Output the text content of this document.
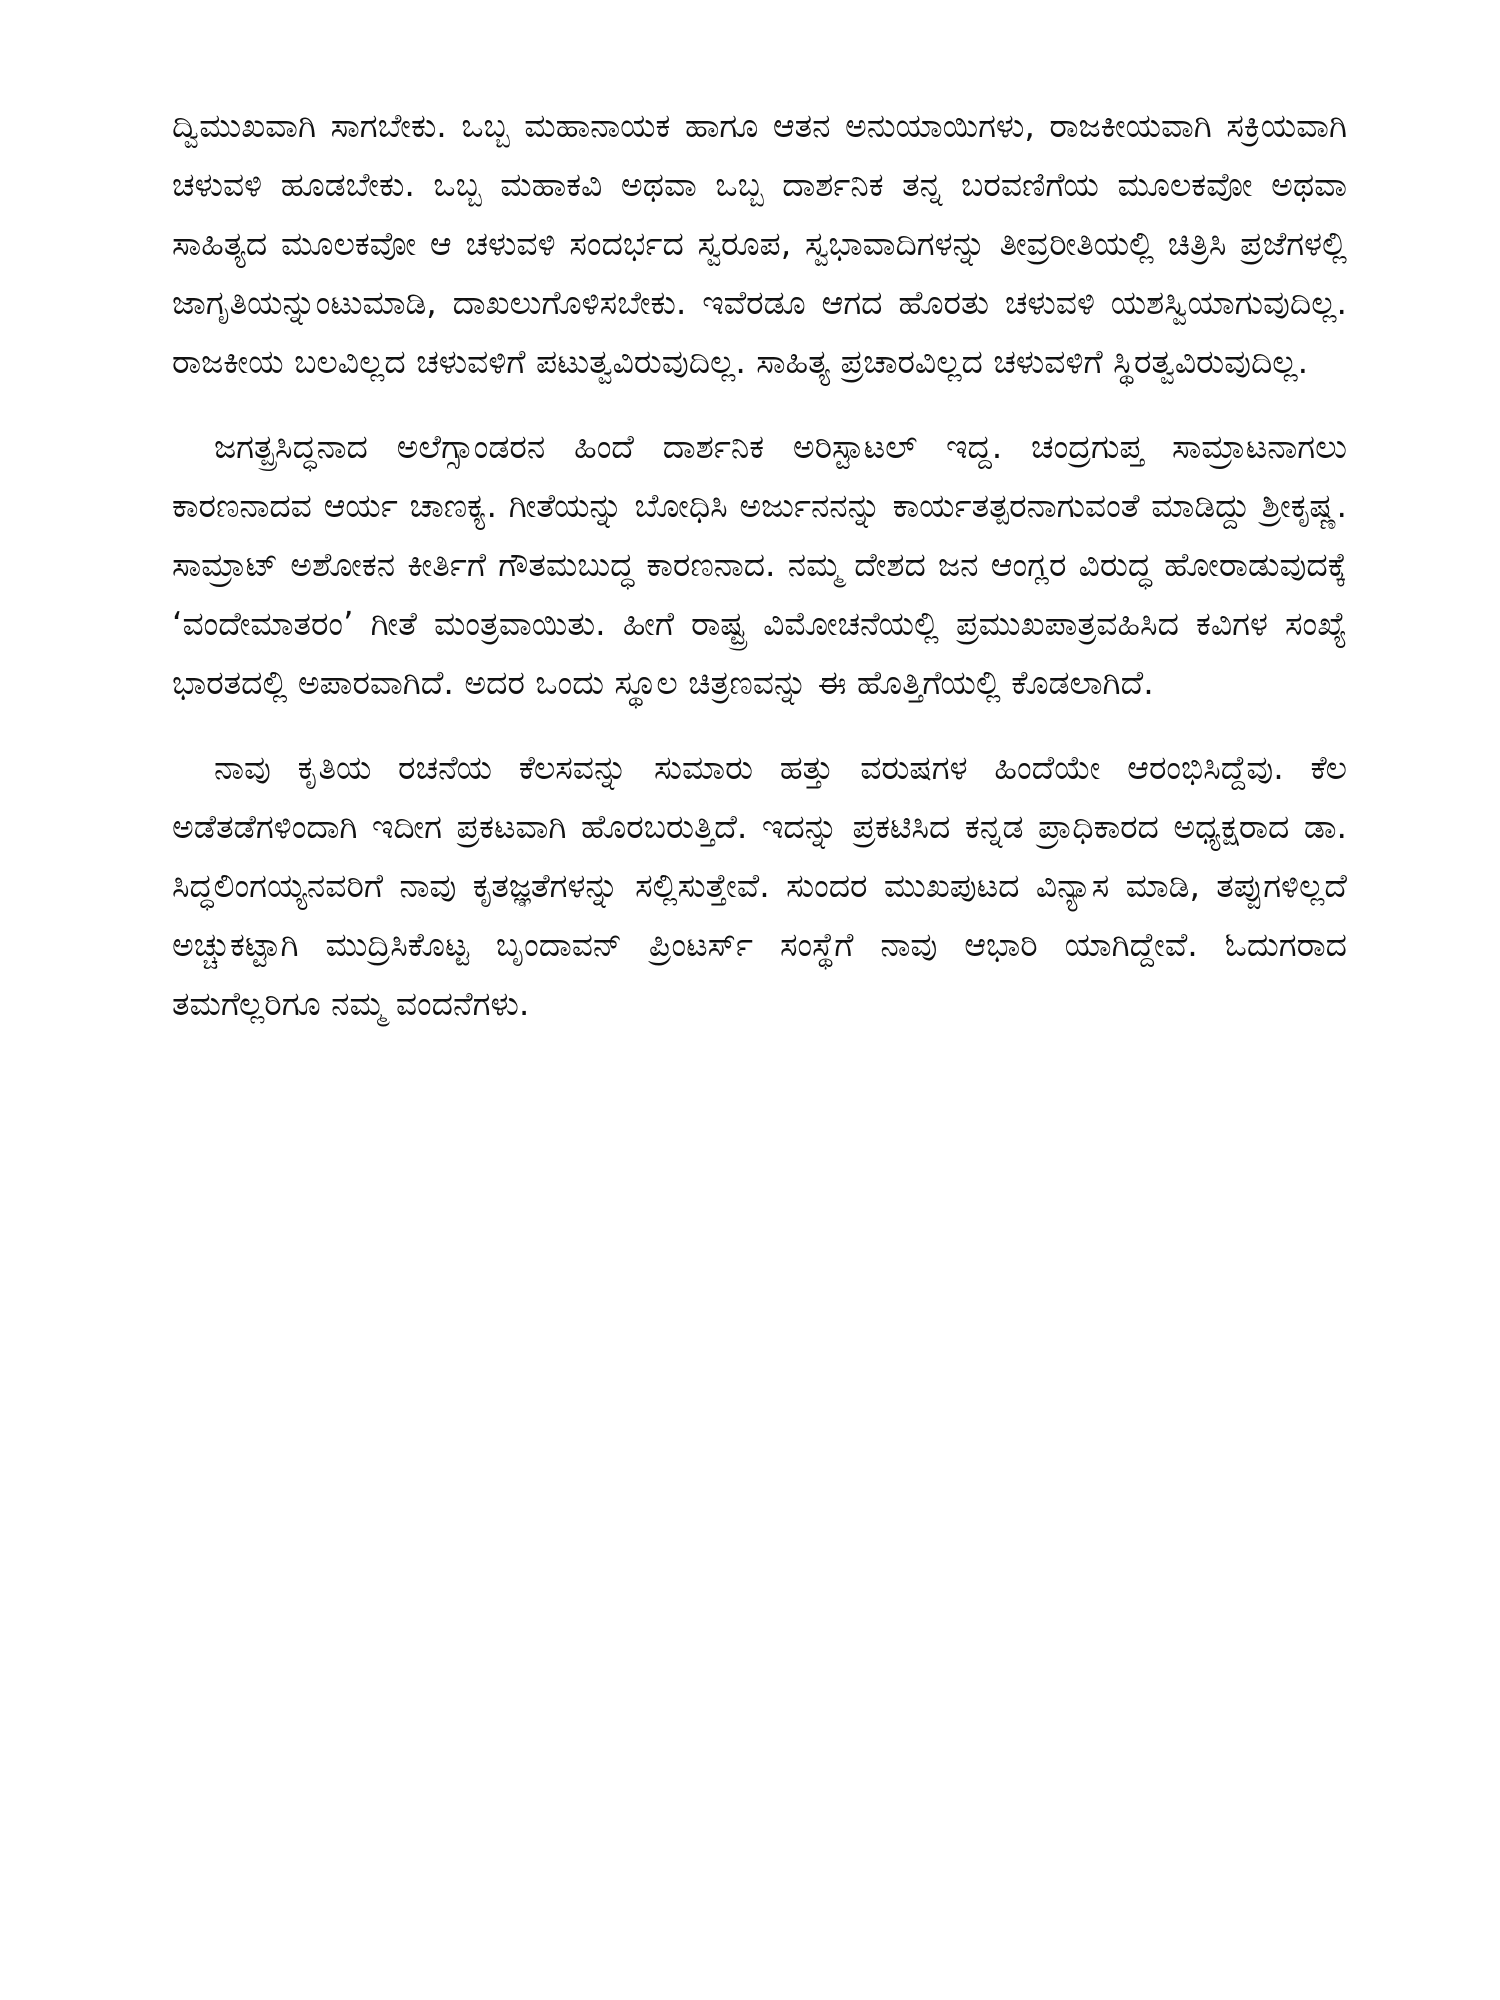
ದ್ವಿಮುಖವಾಗಿ ಸಾಗಬೇಕು. ಒಬ್ಬ ಮಹಾನಾಯಕ ಹಾಗೂ ಆತನ ಅನುಯಾಯಿಗಳು, ರಾಜಕೀಯವಾಗಿ ಸಕ್ರಿಯವಾಗಿ ಚಳುವಳಿ ಹೂಡಬೇಕು. ಒಬ್ಬ ಮಹಾಕವಿ ಅಥವಾ ಒಬ್ಬ ದಾರ್ಶನಿಕ ತನ್ನ ಬರವಣಿಗೆಯ ಮೂಲಕವೋ ಅಥವಾ ಸಾಹಿತ್ಯದ ಮೂಲಕವೋ ಆ ಚಳುವಳಿ ಸಂದರ್ಭದ ಸ್ವರೂಪ, ಸ್ವಭಾವಾದಿಗಳನ್ನು ತೀವ್ರರೀತಿಯಲ್ಲಿ ಚಿತ್ರಿಸಿ ಪ್ರಜೆಗಳಲ್ಲಿ ಜಾಗೃತಿಯನ್ನುಂಟುಮಾಡಿ, ದಾಖಲುಗೊಳಿಸಬೇಕು. ಇವೆರಡೂ ಆಗದ ಹೊರತು ಚಳುವಳಿ ಯಶಸ್ವಿಯಾಗುವುದಿಲ್ಲ. ರಾಜಕೀಯ ಬಲವಿಲ್ಲದ ಚಳುವಳಿಗೆ ಪಟುತ್ವವಿರುವುದಿಲ್ಲ. ಸಾಹಿತ್ಯ ಪ್ರಚಾರವಿಲ್ಲದ ಚಳುವಳಿಗೆ ಸ್ಥಿರತ್ವವಿರುವುದಿಲ್ಲ.

ಜಗತ್ಪ್ರಸಿದ್ಧನಾದ ಅಲೆಗ್ಸಾಂಡರನ ಹಿಂದೆ ದಾರ್ಶನಿಕ ಅರಿಸ್ಟಾಟಲ್ ಇದ್ದ. ಚಂದ್ರಗುಪ್ತ ಸಾಮ್ರಾಟನಾಗಲು ಕಾರಣನಾದವ ಆರ್ಯ ಚಾಣಕ್ಯ. ಗೀತೆಯನ್ನು ಬೋಧಿಸಿ ಅರ್ಜುನನನ್ನು ಕಾರ್ಯತತ್ಪರನಾಗುವಂತೆ ಮಾಡಿದ್ದು ಶ್ರೀಕೃಷ್ಣ. ಸಾಮ್ರಾಟ್ ಅಶೋಕನ ಕೀರ್ತಿಗೆ ಗೌತಮಬುದ್ಧ ಕಾರಣನಾದ. ನಮ್ಮ ದೇಶದ ಜನ ಆಂಗ್ಲರ ವಿರುದ್ಧ ಹೋರಾಡುವುದಕ್ಕೆ ‘ವಂದೇಮಾತರಂ’ ಗೀತೆ ಮಂತ್ರವಾಯಿತು. ಹೀಗೆ ರಾಷ್ಟ್ರ ವಿಮೋಚನೆಯಲ್ಲಿ ಪ್ರಮುಖಪಾತ್ರವಹಿಸಿದ ಕವಿಗಳ ಸಂಖ್ಯೆ ಭಾರತದಲ್ಲಿ ಅಪಾರವಾಗಿದೆ. ಅದರ ಒಂದು ಸ್ಥೂಲ ಚಿತ್ರಣವನ್ನು ಈ ಹೊತ್ತಿಗೆಯಲ್ಲಿ ಕೊಡಲಾಗಿದೆ.

ನಾವು ಕೃತಿಯ ರಚನೆಯ ಕೆಲಸವನ್ನು ಸುಮಾರು ಹತ್ತು ವರುಷಗಳ ಹಿಂದೆಯೇ ಆರಂಭಿಸಿದ್ದೆವು. ಕೆಲ ಅಡೆತಡೆಗಳಿಂದಾಗಿ ಇದೀಗ ಪ್ರಕಟವಾಗಿ ಹೊರಬರುತ್ತಿದೆ. ಇದನ್ನು ಪ್ರಕಟಿಸಿದ ಕನ್ನಡ ಪ್ರಾಧಿಕಾರದ ಅಧ್ಯಕ್ಷರಾದ ಡಾ. ಸಿದ್ಧಲಿಂಗಯ್ಯನವರಿಗೆ ನಾವು ಕೃತಜ್ಞತೆಗಳನ್ನು ಸಲ್ಲಿಸುತ್ತೇವೆ. ಸುಂದರ ಮುಖಪುಟದ ವಿನ್ಯಾಸ ಮಾಡಿ, ತಪ್ಪುಗಳಿಲ್ಲದೆ ಅಚ್ಚುಕಟ್ಟಾಗಿ ಮುದ್ರಿಸಿಕೊಟ್ಟ ಬೃಂದಾವನ್ ಪ್ರಿಂಟರ್ಸ್ ಸಂಸ್ಥೆಗೆ ನಾವು ಆಭಾರಿ ಯಾಗಿದ್ದೇವೆ. ಓದುಗರಾದ ತಮಗೆಲ್ಲರಿಗೂ ನಮ್ಮ ವಂದನೆಗಳು.
